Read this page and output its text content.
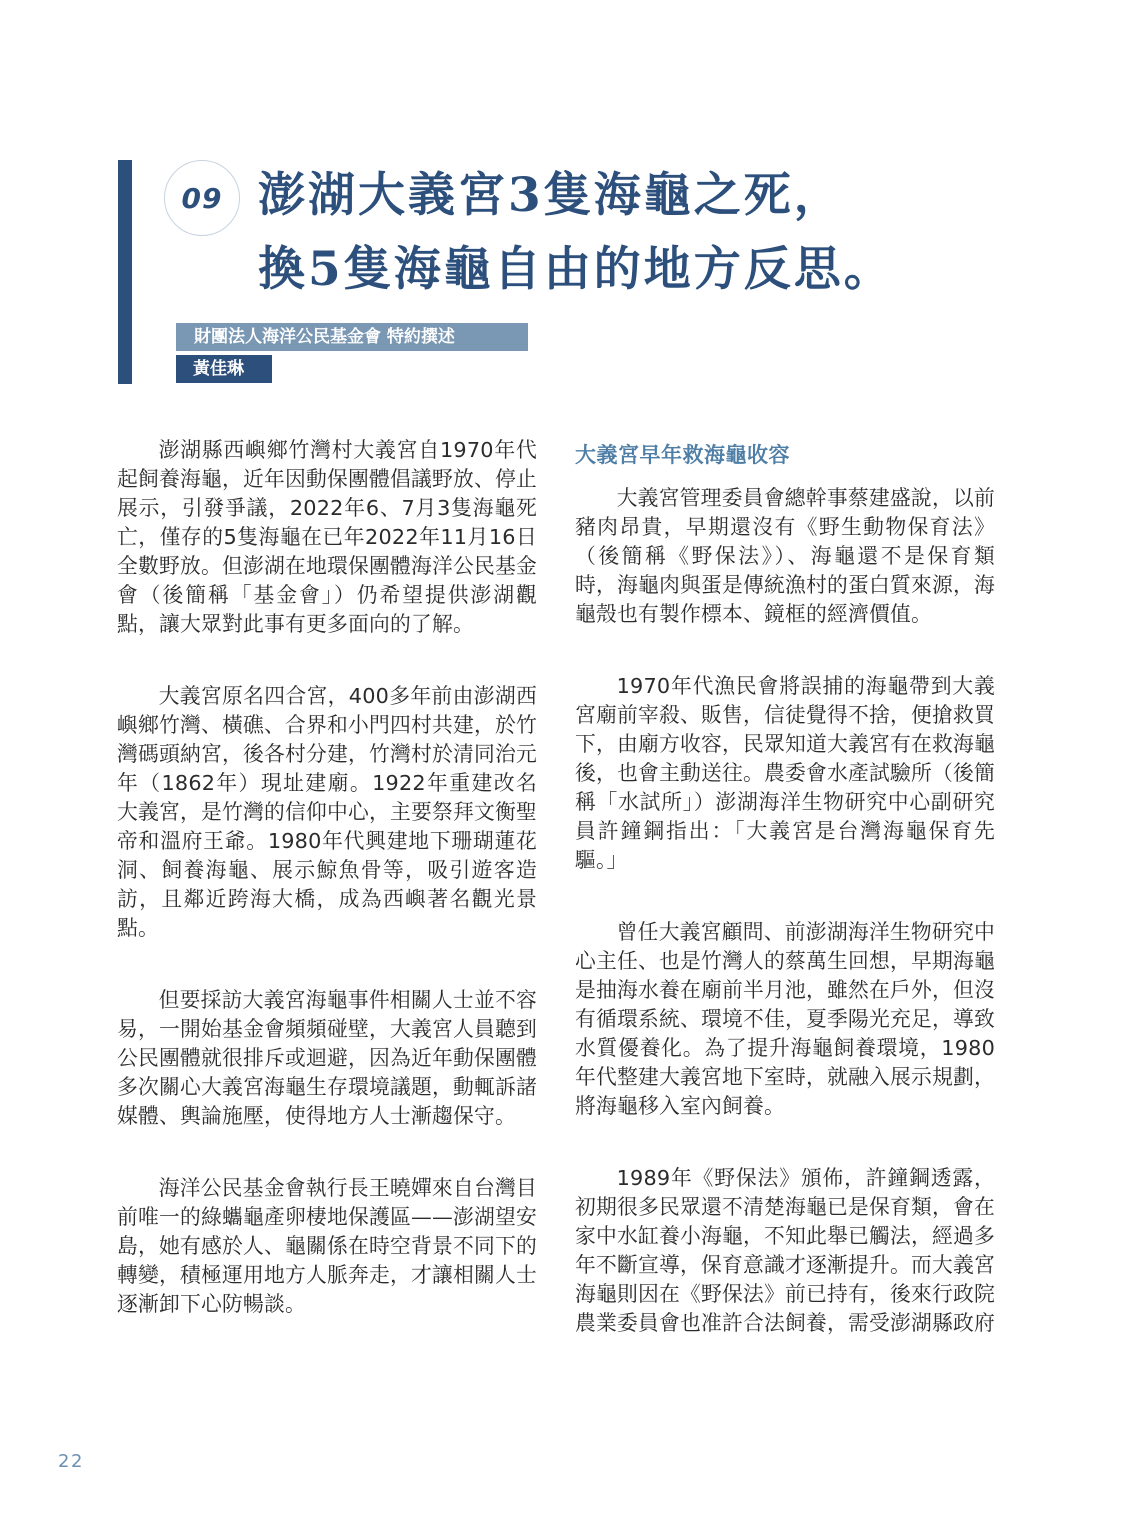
09 澎湖大義宮3隻海龜之死，
換5隻海龜自由的地方反思。
財團法人海洋公民基金會 特約撰述
黃佳琳

澎湖縣西嶼鄉竹灣村大義宮自1970年代起飼養海龜，近年因動保團體倡議野放、停止展示，引發爭議，2022年6、7月3隻海龜死亡，僅存的5隻海龜在已年2022年11月16日全數野放。但澎湖在地環保團體海洋公民基金會（後簡稱「基金會」）仍希望提供澎湖觀點，讓大眾對此事有更多面向的了解。

大義宮原名四合宮，400多年前由澎湖西嶼鄉竹灣、橫礁、合界和小門四村共建，於竹灣碼頭納宮，後各村分建，竹灣村於清同治元年（1862年）現址建廟。1922年重建改名大義宮，是竹灣的信仰中心，主要祭拜文衡聖帝和溫府王爺。1980年代興建地下珊瑚蓮花洞、飼養海龜、展示鯨魚骨等，吸引遊客造訪，且鄰近跨海大橋，成為西嶼著名觀光景點。

但要採訪大義宮海龜事件相關人士並不容易，一開始基金會頻頻碰壁，大義宮人員聽到公民團體就很排斥或迴避，因為近年動保團體多次關心大義宮海龜生存環境議題，動輒訴諸媒體、輿論施壓，使得地方人士漸趨保守。

海洋公民基金會執行長王曉嬋來自台灣目前唯一的綠蠵龜產卵棲地保護區——澎湖望安島，她有感於人、龜關係在時空背景不同下的轉變，積極運用地方人脈奔走，才讓相關人士逐漸卸下心防暢談。

大義宮早年救海龜收容

大義宮管理委員會總幹事蔡建盛說，以前豬肉昂貴，早期還沒有《野生動物保育法》（後簡稱《野保法》）、海龜還不是保育類時，海龜肉與蛋是傳統漁村的蛋白質來源，海龜殼也有製作標本、鏡框的經濟價值。

1970年代漁民會將誤捕的海龜帶到大義宮廟前宰殺、販售，信徒覺得不捨，便搶救買下，由廟方收容，民眾知道大義宮有在救海龜後，也會主動送往。農委會水產試驗所（後簡稱「水試所」）澎湖海洋生物研究中心副研究員許鐘鋼指出：「大義宮是台灣海龜保育先驅。」

曾任大義宮顧問、前澎湖海洋生物研究中心主任、也是竹灣人的蔡萬生回想，早期海龜是抽海水養在廟前半月池，雖然在戶外，但沒有循環系統、環境不佳，夏季陽光充足，導致水質優養化。為了提升海龜飼養環境，1980年代整建大義宮地下室時，就融入展示規劃，將海龜移入室內飼養。

1989年《野保法》頒佈，許鐘鋼透露，初期很多民眾還不清楚海龜已是保育類，會在家中水缸養小海龜，不知此舉已觸法，經過多年不斷宣導，保育意識才逐漸提升。而大義宮海龜則因在《野保法》前已持有，後來行政院農業委員會也准許合法飼養，需受澎湖縣政府

22
